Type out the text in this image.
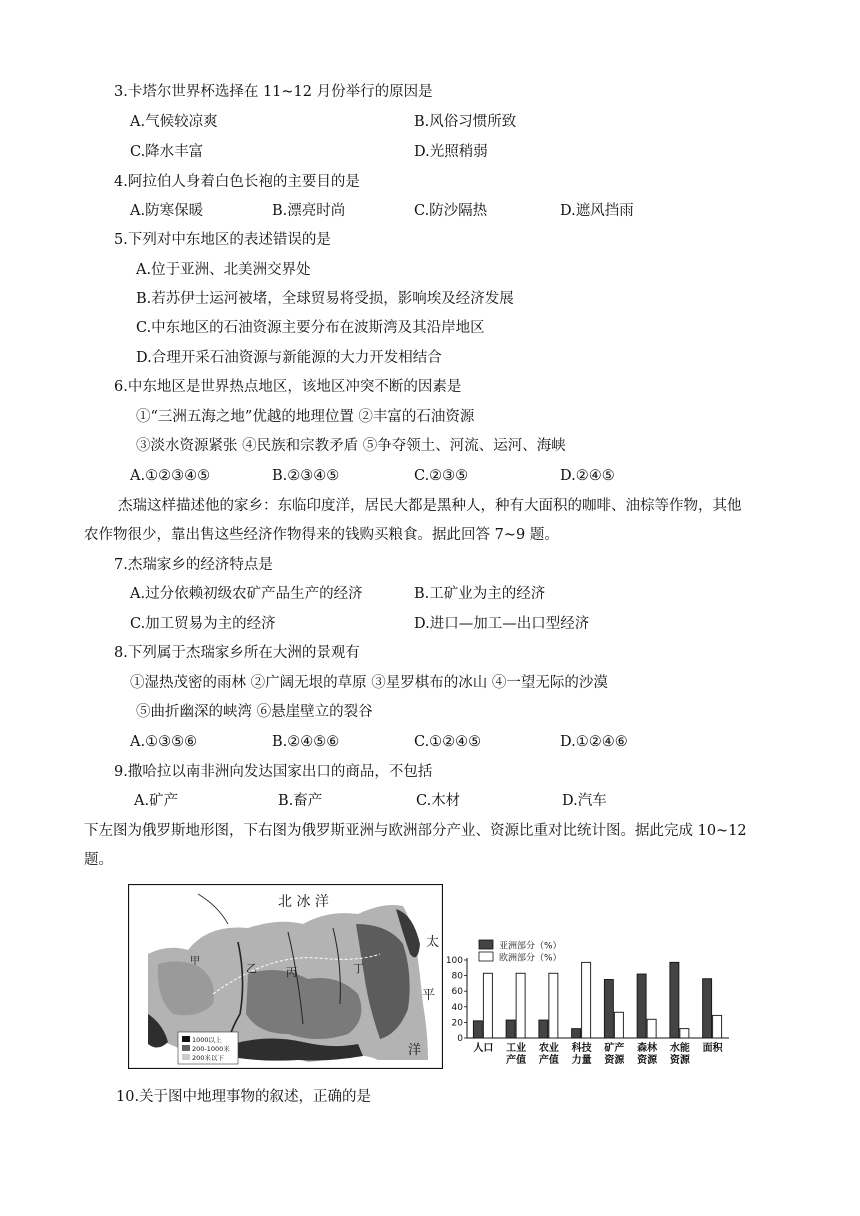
3.卡塔尔世界杯选择在 11~12 月份举行的原因是
A.气候较凉爽	B.风俗习惯所致
C.降水丰富	D.光照稍弱
4.阿拉伯人身着白色长袍的主要目的是
A.防寒保暖	B.漂亮时尚	C.防沙隔热	D.遮风挡雨
5.下列对中东地区的表述错误的是
A.位于亚洲、北美洲交界处
B.若苏伊士运河被堵，全球贸易将受损，影响埃及经济发展
C.中东地区的石油资源主要分布在波斯湾及其沿岸地区
D.合理开采石油资源与新能源的大力开发相结合
6.中东地区是世界热点地区，该地区冲突不断的因素是
①“三洲五海之地”优越的地理位置 ②丰富的石油资源
③淡水资源紧张 ④民族和宗教矛盾 ⑤争夺领土、河流、运河、海峡
A.①②③④⑤	B.②③④⑤	C.②③⑤	D.②④⑤
杰瑞这样描述他的家乡：东临印度洋，居民大都是黑种人，种有大面积的咖啡、油棕等作物，其他
农作物很少，靠出售这些经济作物得来的钱购买粮食。据此回答 7~9 题。
7.杰瑞家乡的经济特点是
A.过分依赖初级农矿产品生产的经济	B.工矿业为主的经济
C.加工贸易为主的经济	D.进口—加工—出口型经济
8.下列属于杰瑞家乡所在大洲的景观有
①湿热茂密的雨林 ②广阔无垠的草原 ③星罗棋布的冰山 ④一望无际的沙漠
⑤曲折幽深的峡湾 ⑥悬崖壁立的裂谷
A.①③⑤⑥	B.②④⑤⑥	C.①②④⑤	D.①②④⑥
9.撒哈拉以南非洲向发达国家出口的商品，不包括
A.矿产	B.畜产	C.木材	D.汽车
下左图为俄罗斯地形图，下右图为俄罗斯亚洲与欧洲部分产业、资源比重对比统计图。据此完成 10~12
题。
北 冰 洋
太
平
洋
甲
乙	丙	丁
1000以上
200-1000米
200米以下
亚洲部分（%）
欧洲部分（%）
0
20
40
60
80
100
人口 工业
产值
农业
产值
科技
力量
矿产
资源
森林
资源
水能
资源
面积
10.关于图中地理事物的叙述，正确的是
